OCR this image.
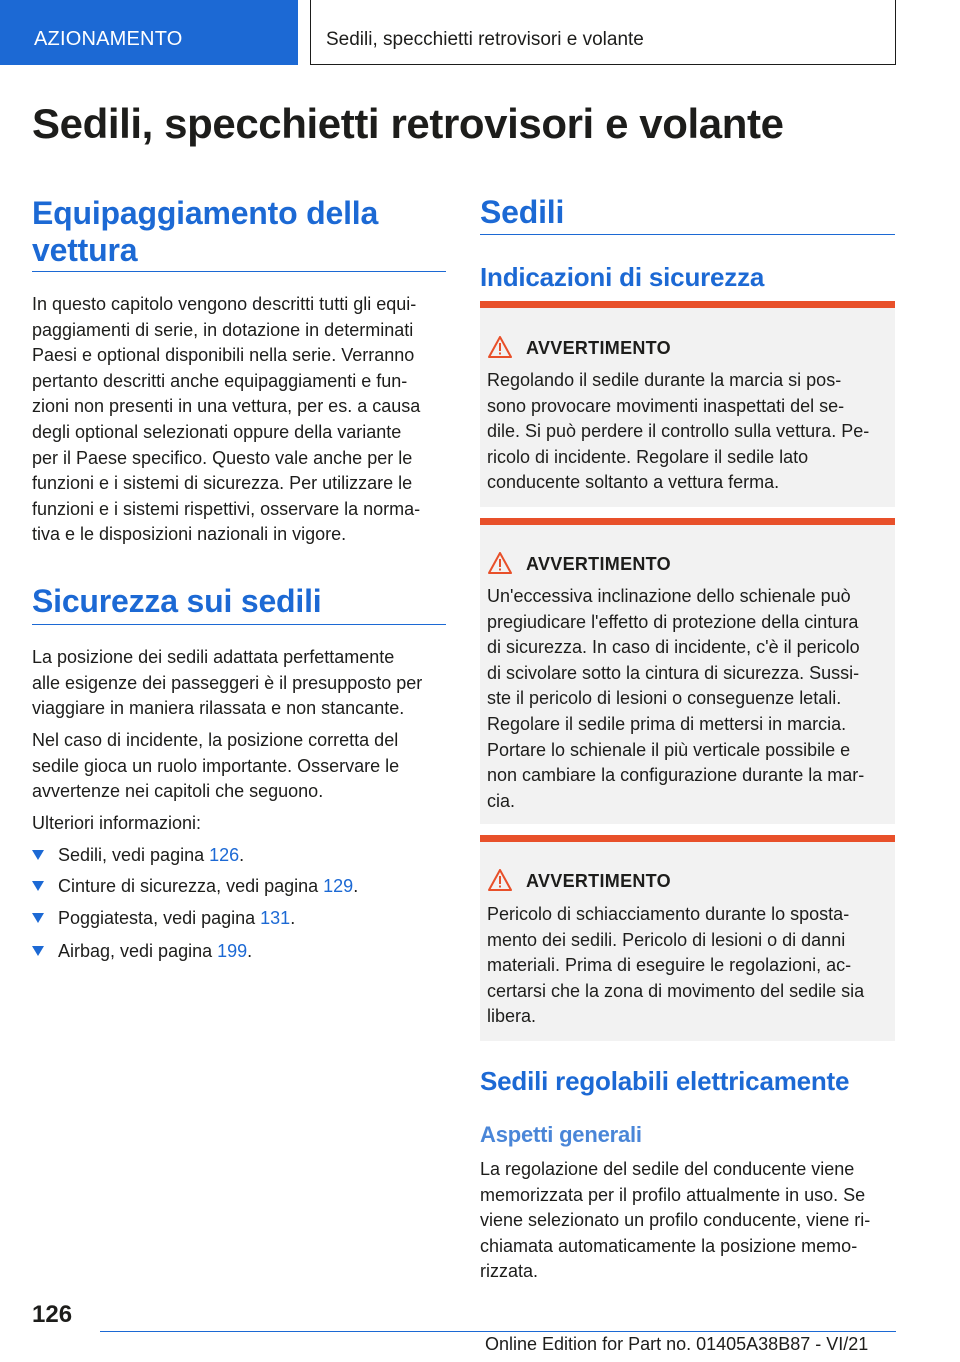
AZIONAMENTO	Sedili, specchietti retrovisori e volante
Sedili, specchietti retrovisori e volante
Equipaggiamento della
vettura
In questo capitolo vengono descritti tutti gli equi-
paggiamenti di serie, in dotazione in determinati
Paesi e optional disponibili nella serie. Verranno
pertanto descritti anche equipaggiamenti e fun-
zioni non presenti in una vettura, per es. a causa
degli optional selezionati oppure della variante
per il Paese specifico. Questo vale anche per le
funzioni e i sistemi di sicurezza. Per utilizzare le
funzioni e i sistemi rispettivi, osservare la norma-
tiva e le disposizioni nazionali in vigore.
Sicurezza sui sedili
La posizione dei sedili adattata perfettamente
alle esigenze dei passeggeri è il presupposto per
viaggiare in maniera rilassata e non stancante.
Nel caso di incidente, la posizione corretta del
sedile gioca un ruolo importante. Osservare le
avvertenze nei capitoli che seguono.
Ulteriori informazioni:
Sedili, vedi pagina 126.
Cinture di sicurezza, vedi pagina 129.
Poggiatesta, vedi pagina 131.
Airbag, vedi pagina 199.
Sedili
Indicazioni di sicurezza
AVVERTIMENTO
Regolando il sedile durante la marcia si pos-
sono provocare movimenti inaspettati del se-
dile. Si può perdere il controllo sulla vettura. Pe-
ricolo di incidente. Regolare il sedile lato
conducente soltanto a vettura ferma.
AVVERTIMENTO
Un'eccessiva inclinazione dello schienale può
pregiudicare l'effetto di protezione della cintura
di sicurezza. In caso di incidente, c'è il pericolo
di scivolare sotto la cintura di sicurezza. Sussi-
ste il pericolo di lesioni o conseguenze letali.
Regolare il sedile prima di mettersi in marcia.
Portare lo schienale il più verticale possibile e
non cambiare la configurazione durante la mar-
cia.
AVVERTIMENTO
Pericolo di schiacciamento durante lo sposta-
mento dei sedili. Pericolo di lesioni o di danni
materiali. Prima di eseguire le regolazioni, ac-
certarsi che la zona di movimento del sedile sia
libera.
Sedili regolabili elettricamente
Aspetti generali
La regolazione del sedile del conducente viene
memorizzata per il profilo attualmente in uso. Se
viene selezionato un profilo conducente, viene ri-
chiamata automaticamente la posizione memo-
rizzata.
126
Online Edition for Part no. 01405A38B87 - VI/21
